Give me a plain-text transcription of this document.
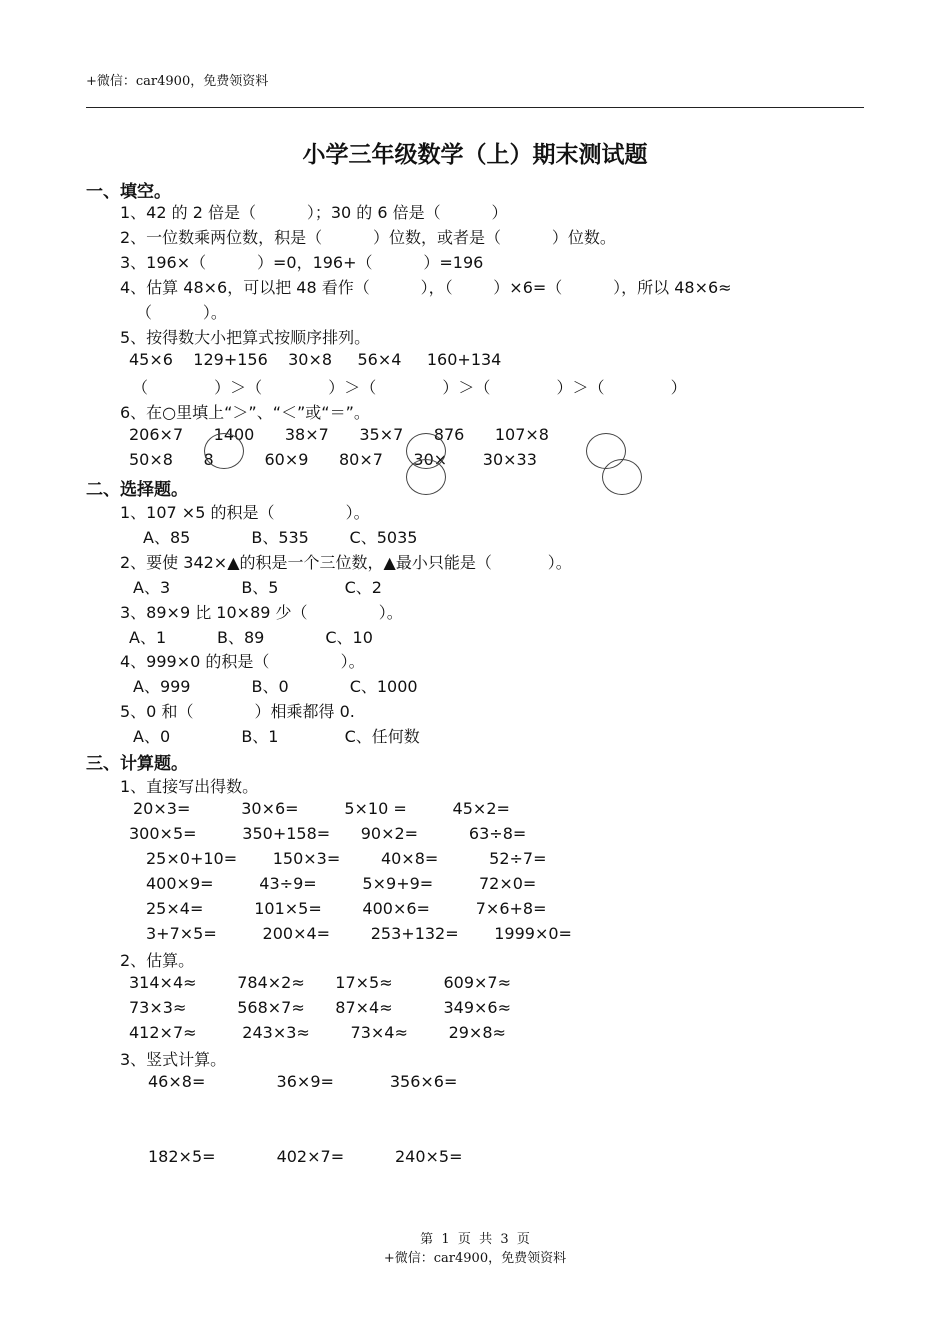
+微信：car4900，免费领资料
小学三年级数学（上）期末测试题
一、填空。
1、42 的 2 倍是（          ）；30 的 6 倍是（          ）
2、一位数乘两位数，积是（          ）位数，或者是（          ）位数。
3、196×（          ）=0，196+（          ）=196
4、估算 48×6，可以把 48 看作（          ），（        ）×6=（          ），所以 48×6≈
（          ）。
5、按得数大小把算式按顺序排列。
45×6    129+156    30×8     56×4     160+134
（             ）＞（             ）＞（             ）＞（             ）＞（             ）
6、在○里填上“＞”、“＜”或“＝”。
206×7      1400      38×7      35×7      876      107×8
50×8      8          60×9      80×7      30×       30×33
二、选择题。
1、107 ×5 的积是（              ）。
A、85            B、535        C、5035
2、要使 342×▲的积是一个三位数，▲最小只能是（           ）。
A、3              B、5             C、2
3、89×9 比 10×89 少（              ）。
A、1          B、89            C、10
4、999×0 的积是（              ）。
A、999            B、0            C、1000
5、0 和（            ）相乘都得 0.
A、0              B、1             C、任何数
三、计算题。
1、直接写出得数。
20×3=          30×6=         5×10 =         45×2=
300×5=         350+158=      90×2=          63÷8=
25×0+10=       150×3=        40×8=          52÷7=
400×9=         43÷9=         5×9+9=         72×0=
25×4=          101×5=        400×6=         7×6+8=
3+7×5=         200×4=        253+132=       1999×0=
2、估算。
314×4≈        784×2≈      17×5≈          609×7≈
73×3≈          568×7≈      87×4≈          349×6≈
412×7≈         243×3≈        73×4≈        29×8≈
3、竖式计算。
46×8=              36×9=           356×6=
182×5=            402×7=          240×5=
第  1  页  共  3  页
+微信：car4900，免费领资料
